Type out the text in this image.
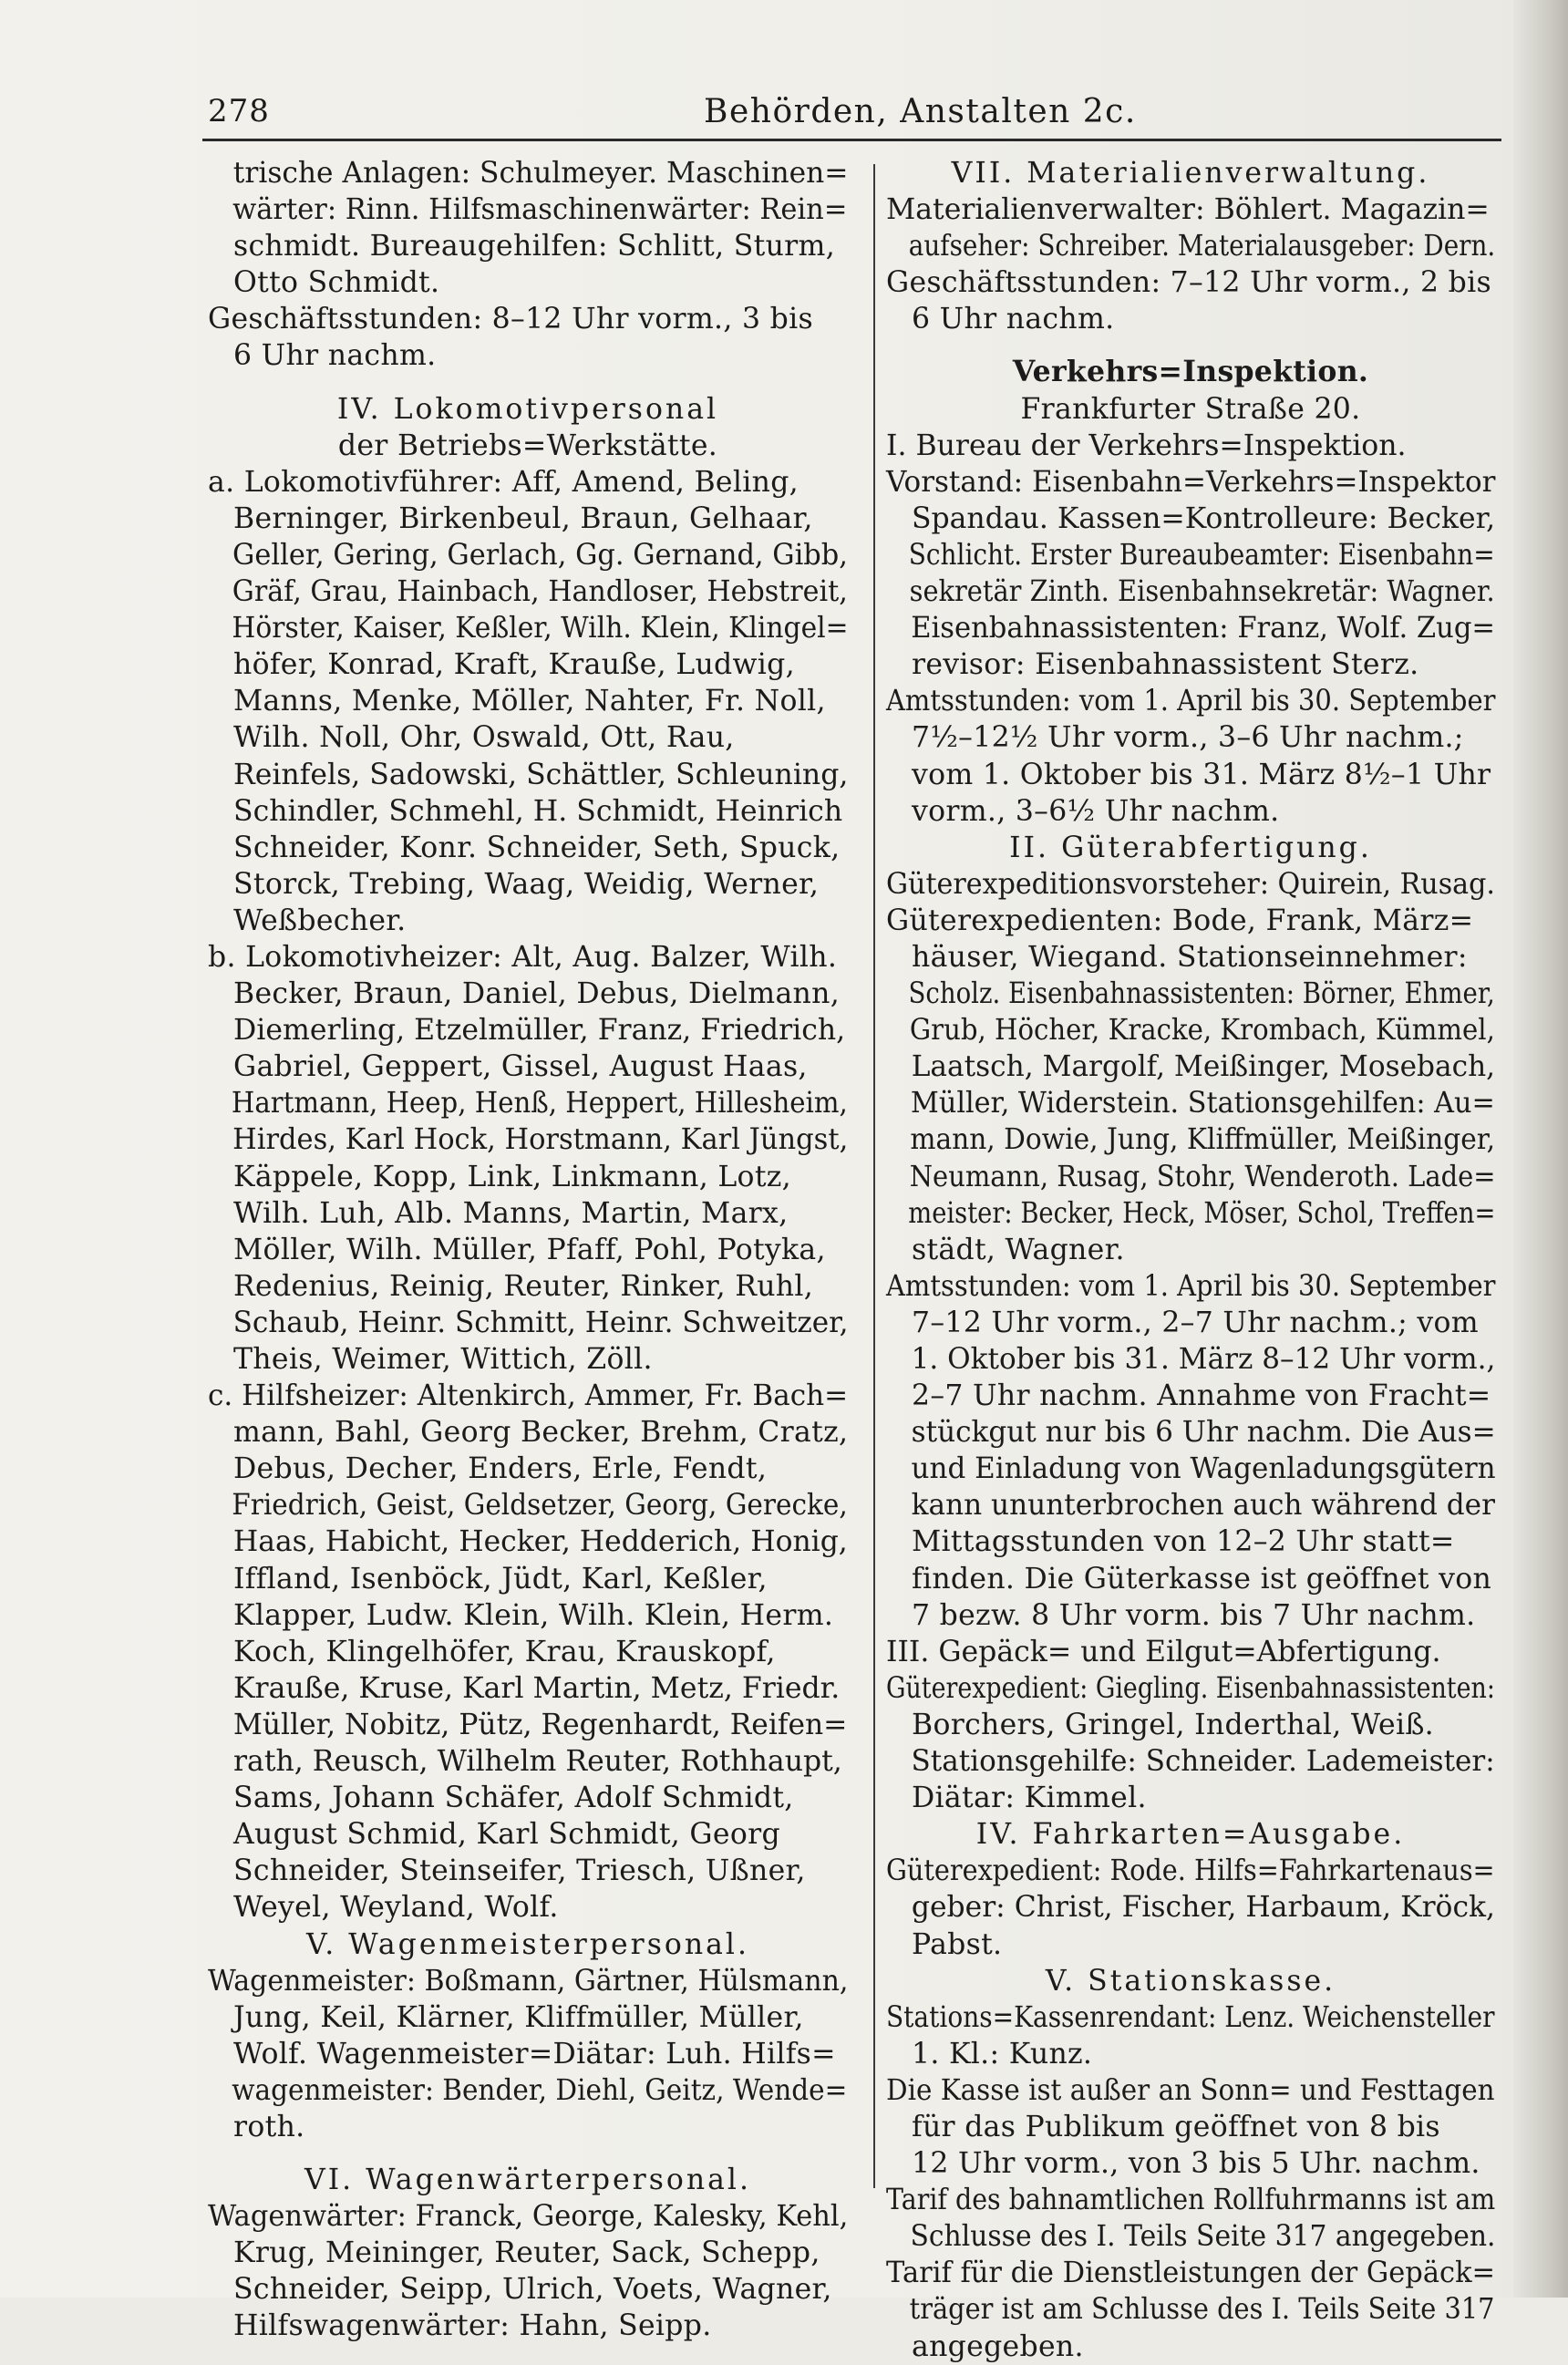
278	Behörden, Anstalten 2c.
trische Anlagen: Schulmeyer. Maschinen=
wärter: Rinn. Hilfsmaschinenwärter: Rein=
schmidt. Bureaugehilfen: Schlitt, Sturm,
Otto Schmidt.
Geschäftsstunden: 8–12 Uhr vorm., 3 bis
6 Uhr nachm.
IV. Lokomotivpersonal
der Betriebs=Werkstätte.
a. Lokomotivführer: Aff, Amend, Beling,
Berninger, Birkenbeul, Braun, Gelhaar,
Geller, Gering, Gerlach, Gg. Gernand, Gibb,
Gräf, Grau, Hainbach, Handloser, Hebstreit,
Hörster, Kaiser, Keßler, Wilh. Klein, Klingel=
höfer, Konrad, Kraft, Krauße, Ludwig,
Manns, Menke, Möller, Nahter, Fr. Noll,
Wilh. Noll, Ohr, Oswald, Ott, Rau,
Reinfels, Sadowski, Schättler, Schleuning,
Schindler, Schmehl, H. Schmidt, Heinrich
Schneider, Konr. Schneider, Seth, Spuck,
Storck, Trebing, Waag, Weidig, Werner,
Weßbecher.
b. Lokomotivheizer: Alt, Aug. Balzer, Wilh.
Becker, Braun, Daniel, Debus, Dielmann,
Diemerling, Etzelmüller, Franz, Friedrich,
Gabriel, Geppert, Gissel, August Haas,
Hartmann, Heep, Henß, Heppert, Hillesheim,
Hirdes, Karl Hock, Horstmann, Karl Jüngst,
Käppele, Kopp, Link, Linkmann, Lotz,
Wilh. Luh, Alb. Manns, Martin, Marx,
Möller, Wilh. Müller, Pfaff, Pohl, Potyka,
Redenius, Reinig, Reuter, Rinker, Ruhl,
Schaub, Heinr. Schmitt, Heinr. Schweitzer,
Theis, Weimer, Wittich, Zöll.
c. Hilfsheizer: Altenkirch, Ammer, Fr. Bach=
mann, Bahl, Georg Becker, Brehm, Cratz,
Debus, Decher, Enders, Erle, Fendt,
Friedrich, Geist, Geldsetzer, Georg, Gerecke,
Haas, Habicht, Hecker, Hedderich, Honig,
Iffland, Isenböck, Jüdt, Karl, Keßler,
Klapper, Ludw. Klein, Wilh. Klein, Herm.
Koch, Klingelhöfer, Krau, Krauskopf,
Krauße, Kruse, Karl Martin, Metz, Friedr.
Müller, Nobitz, Pütz, Regenhardt, Reifen=
rath, Reusch, Wilhelm Reuter, Rothhaupt,
Sams, Johann Schäfer, Adolf Schmidt,
August Schmid, Karl Schmidt, Georg
Schneider, Steinseifer, Triesch, Ußner,
Weyel, Weyland, Wolf.
V. Wagenmeisterpersonal.
Wagenmeister: Boßmann, Gärtner, Hülsmann,
Jung, Keil, Klärner, Kliffmüller, Müller,
Wolf. Wagenmeister=Diätar: Luh. Hilfs=
wagenmeister: Bender, Diehl, Geitz, Wende=
roth.
VI. Wagenwärterpersonal.
Wagenwärter: Franck, George, Kalesky, Kehl,
Krug, Meininger, Reuter, Sack, Schepp,
Schneider, Seipp, Ulrich, Voets, Wagner,
Hilfswagenwärter: Hahn, Seipp.
VII. Materialienverwaltung.
Materialienverwalter: Böhlert. Magazin=
aufseher: Schreiber. Materialausgeber: Dern.
Geschäftsstunden: 7–12 Uhr vorm., 2 bis
6 Uhr nachm.
Verkehrs=Inspektion.
Frankfurter Straße 20.
I. Bureau der Verkehrs=Inspektion.
Vorstand: Eisenbahn=Verkehrs=Inspektor
Spandau. Kassen=Kontrolleure: Becker,
Schlicht. Erster Bureaubeamter: Eisenbahn=
sekretär Zinth. Eisenbahnsekretär: Wagner.
Eisenbahnassistenten: Franz, Wolf. Zug=
revisor: Eisenbahnassistent Sterz.
Amtsstunden: vom 1. April bis 30. September
7½–12½ Uhr vorm., 3–6 Uhr nachm.;
vom 1. Oktober bis 31. März 8½–1 Uhr
vorm., 3–6½ Uhr nachm.
II. Güterabfertigung.
Güterexpeditionsvorsteher: Quirein, Rusag.
Güterexpedienten: Bode, Frank, März=
häuser, Wiegand. Stationseinnehmer:
Scholz. Eisenbahnassistenten: Börner, Ehmer,
Grub, Höcher, Kracke, Krombach, Kümmel,
Laatsch, Margolf, Meißinger, Mosebach,
Müller, Widerstein. Stationsgehilfen: Au=
mann, Dowie, Jung, Kliffmüller, Meißinger,
Neumann, Rusag, Stohr, Wenderoth. Lade=
meister: Becker, Heck, Möser, Schol, Treffen=
städt, Wagner.
Amtsstunden: vom 1. April bis 30. September
7–12 Uhr vorm., 2–7 Uhr nachm.; vom
1. Oktober bis 31. März 8–12 Uhr vorm.,
2–7 Uhr nachm. Annahme von Fracht=
stückgut nur bis 6 Uhr nachm. Die Aus=
und Einladung von Wagenladungsgütern
kann ununterbrochen auch während der
Mittagsstunden von 12–2 Uhr statt=
finden. Die Güterkasse ist geöffnet von
7 bezw. 8 Uhr vorm. bis 7 Uhr nachm.
III. Gepäck= und Eilgut=Abfertigung.
Güterexpedient: Giegling. Eisenbahnassistenten:
Borchers, Gringel, Inderthal, Weiß.
Stationsgehilfe: Schneider. Lademeister:
Diätar: Kimmel.
IV. Fahrkarten=Ausgabe.
Güterexpedient: Rode. Hilfs=Fahrkartenaus=
geber: Christ, Fischer, Harbaum, Kröck,
Pabst.
V. Stationskasse.
Stations=Kassenrendant: Lenz. Weichensteller
1. Kl.: Kunz.
Die Kasse ist außer an Sonn= und Festtagen
für das Publikum geöffnet von 8 bis
12 Uhr vorm., von 3 bis 5 Uhr. nachm.
Tarif des bahnamtlichen Rollfuhrmanns ist am
Schlusse des I. Teils Seite 317 angegeben.
Tarif für die Dienstleistungen der Gepäck=
träger ist am Schlusse des I. Teils Seite 317
angegeben.
